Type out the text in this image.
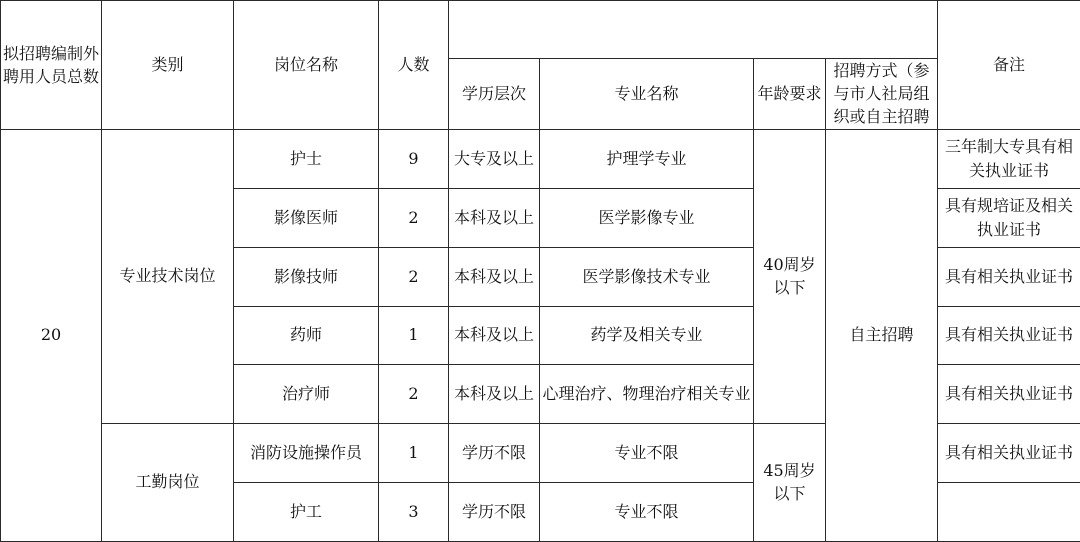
拟招聘编制外聘用人员总数	类别	岗位名称	人数					备注
				学历层次	专业名称	年龄要求	招聘方式（参与市人社局组织或自主招聘	
20	专业技术岗位	护士	9	大专及以上	护理学专业	40周岁以下	自主招聘	三年制大专具有相关执业证书
		影像医师	2	本科及以上	医学影像专业			具有规培证及相关执业证书
		影像技师	2	本科及以上	医学影像技术专业			具有相关执业证书
		药师	1	本科及以上	药学及相关专业			具有相关执业证书
		治疗师	2	本科及以上	心理治疗、物理治疗相关专业			具有相关执业证书
	工勤岗位	消防设施操作员	1	学历不限	专业不限	45周岁以下		具有相关执业证书
		护工	3	学历不限	专业不限			
